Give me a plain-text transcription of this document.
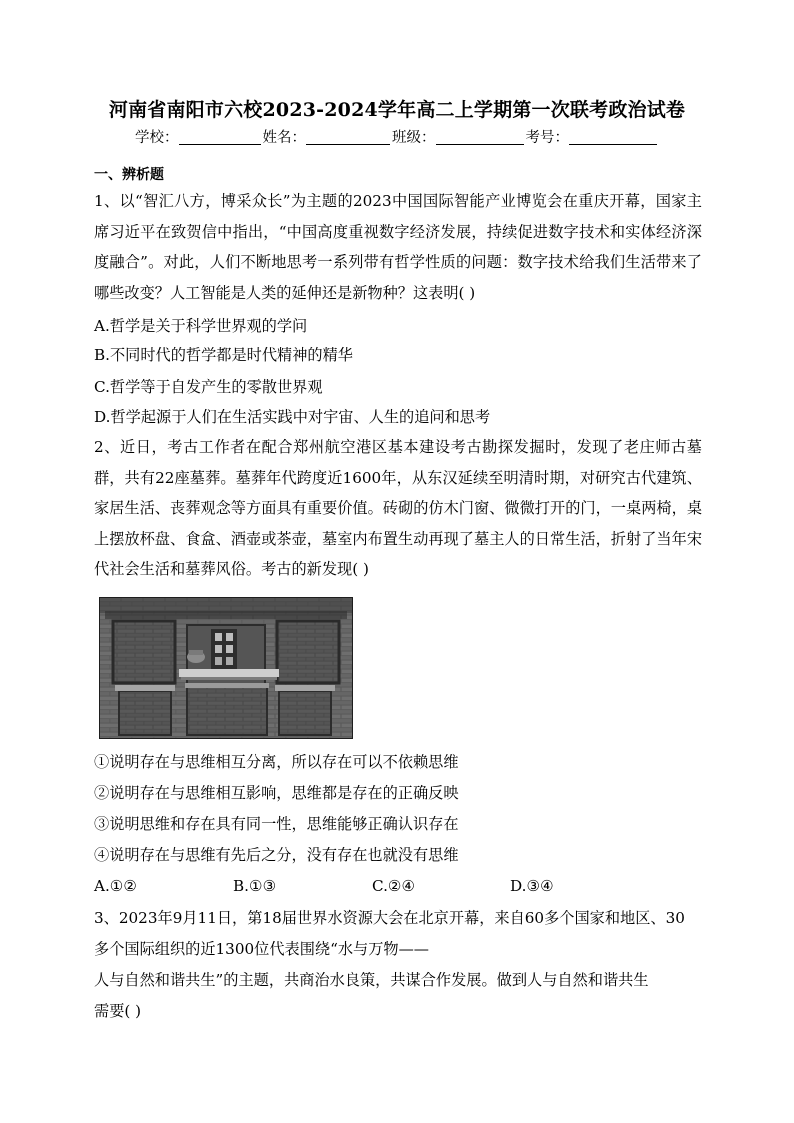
河南省南阳市六校2023-2024学年高二上学期第一次联考政治试卷
学校：	姓名：	班级：	考号：
一、辨析题
1、以“智汇八方，博采众长”为主题的2023中国国际智能产业博览会在重庆开幕，国家主席习近平在致贺信中指出，“中国高度重视数字经济发展，持续促进数字技术和实体经济深度融合”。对此，人们不断地思考一系列带有哲学性质的问题：数字技术给我们生活带来了哪些改变？人工智能是人类的延伸还是新物种？这表明( )
A.哲学是关于科学世界观的学问
B.不同时代的哲学都是时代精神的精华
C.哲学等于自发产生的零散世界观
D.哲学起源于人们在生活实践中对宇宙、人生的追问和思考
2、近日，考古工作者在配合郑州航空港区基本建设考古勘探发掘时，发现了老庄师古墓群，共有22座墓葬。墓葬年代跨度近1600年，从东汉延续至明清时期，对研究古代建筑、家居生活、丧葬观念等方面具有重要价值。砖砌的仿木门窗、微微打开的门，一桌两椅，桌上摆放杯盘、食盒、酒壶或茶壶，墓室内布置生动再现了墓主人的日常生活，折射了当年宋代社会生活和墓葬风俗。考古的新发现( )
①说明存在与思维相互分离，所以存在可以不依赖思维
②说明存在与思维相互影响，思维都是存在的正确反映
③说明思维和存在具有同一性，思维能够正确认识存在
④说明存在与思维有先后之分，没有存在也就没有思维
A.①②	B.①③	C.②④	D.③④
3、2023年9月11日，第18届世界水资源大会在北京开幕，来自60多个国家和地区、30
多个国际组织的近1300位代表围绕“水与万物——
人与自然和谐共生”的主题，共商治水良策，共谋合作发展。做到人与自然和谐共生
需要( )
